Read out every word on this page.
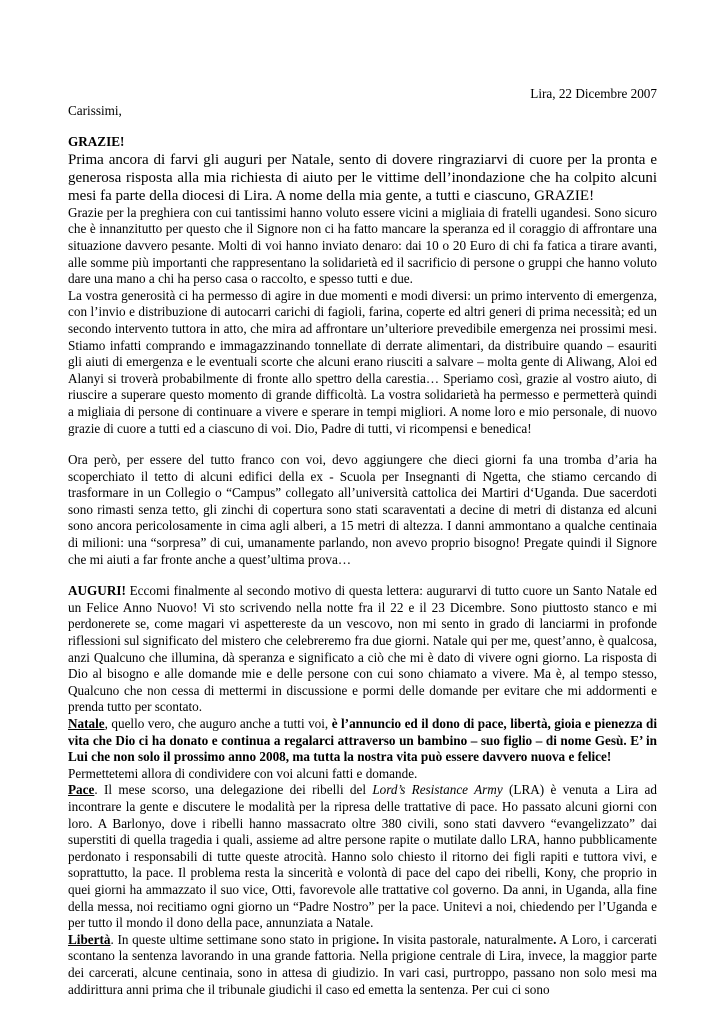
Lira, 22 Dicembre 2007

Carissimi,

GRAZIE!

Prima ancora di farvi gli auguri per Natale, sento di dovere ringraziarvi di cuore per la pronta e generosa risposta alla mia richiesta di aiuto per le vittime dell’inondazione che ha colpito alcuni mesi fa parte della diocesi di Lira. A nome della mia gente, a tutti e ciascuno, GRAZIE!

Grazie per la preghiera con cui tantissimi hanno voluto essere vicini a migliaia di fratelli ugandesi. Sono sicuro che è innanzitutto per questo che il Signore non ci ha fatto mancare la speranza ed il coraggio di affrontare una situazione davvero pesante. Molti di voi hanno inviato denaro: dai 10 o 20 Euro di chi fa fatica a tirare avanti, alle somme più importanti che rappresentano la solidarietà ed il sacrificio di persone o gruppi che hanno voluto dare una mano a chi ha perso casa o raccolto, e spesso tutti e due.

La vostra generosità ci ha permesso di agire in due momenti e modi diversi: un primo intervento di emergenza, con l’invio e distribuzione di autocarri carichi di fagioli, farina, coperte ed altri generi di prima necessità; ed un secondo intervento tuttora in atto, che mira ad affrontare un’ulteriore prevedibile emergenza nei prossimi mesi. Stiamo infatti comprando e immagazzinando tonnellate di derrate alimentari, da distribuire quando – esauriti gli aiuti di emergenza e le eventuali scorte che alcuni erano riusciti a salvare – molta gente di Aliwang, Aloi ed Alanyi si troverà probabilmente di fronte allo spettro della carestia… Speriamo così, grazie al vostro aiuto, di riuscire a superare questo momento di grande difficoltà. La vostra solidarietà ha permesso e permetterà quindi a migliaia di persone di continuare a vivere e sperare in tempi migliori. A nome loro e mio personale, di nuovo grazie di cuore a tutti ed a ciascuno di voi. Dio, Padre di tutti, vi ricompensi e benedica!

Ora però, per essere del tutto franco con voi, devo aggiungere che dieci giorni fa una tromba d’aria ha scoperchiato il tetto di alcuni edifici della ex - Scuola per Insegnanti di Ngetta, che stiamo cercando di trasformare in un Collegio o “Campus” collegato all’università cattolica dei Martiri d‘Uganda. Due sacerdoti sono rimasti senza tetto, gli zinchi di copertura sono stati scaraventati a decine di metri di distanza ed alcuni sono ancora pericolosamente in cima agli alberi, a 15 metri di altezza. I danni ammontano a qualche centinaia di milioni: una “sorpresa” di cui, umanamente parlando, non avevo proprio bisogno! Pregate quindi il Signore che mi aiuti a far fronte anche a quest’ultima prova…

AUGURI! Eccomi finalmente al secondo motivo di questa lettera: augurarvi di tutto cuore un Santo Natale ed un Felice Anno Nuovo! Vi sto scrivendo nella notte fra il 22 e il 23 Dicembre. Sono piuttosto stanco e mi perdonerete se, come magari vi aspettereste da un vescovo, non mi sento in grado di lanciarmi in profonde riflessioni sul significato del mistero che celebreremo fra due giorni. Natale qui per me, quest’anno, è qualcosa, anzi Qualcuno che illumina, dà speranza e significato a ciò che mi è dato di vivere ogni giorno. La risposta di Dio al bisogno e alle domande mie e delle persone con cui sono chiamato a vivere. Ma è, al tempo stesso, Qualcuno che non cessa di mettermi in discussione e pormi delle domande per evitare che mi addormenti e prenda tutto per scontato.

Natale, quello vero, che auguro anche a tutti voi, è l’annuncio ed il dono di pace, libertà, gioia e pienezza di vita che Dio ci ha donato e continua a regalarci attraverso un bambino – suo figlio – di nome Gesù. E’ in Lui che non solo il prossimo anno 2008, ma tutta la nostra vita può essere davvero nuova e felice!

Permettetemi allora di condividere con voi alcuni fatti e domande.

Pace. Il mese scorso, una delegazione dei ribelli del Lord’s Resistance Army (LRA) è venuta a Lira ad incontrare la gente e discutere le modalità per la ripresa delle trattative di pace. Ho passato alcuni giorni con loro. A Barlonyo, dove i ribelli hanno massacrato oltre 380 civili, sono stati davvero “evangelizzato” dai superstiti di quella tragedia i quali, assieme ad altre persone rapite o mutilate dallo LRA, hanno pubblicamente perdonato i responsabili di tutte queste atrocità. Hanno solo chiesto il ritorno dei figli rapiti e tuttora vivi, e soprattutto, la pace. Il problema resta la sincerità e volontà di pace del capo dei ribelli, Kony, che proprio in quei giorni ha ammazzato il suo vice, Otti, favorevole alle trattative col governo. Da anni, in Uganda, alla fine della messa, noi recitiamo ogni giorno un “Padre Nostro” per la pace. Unitevi a noi, chiedendo per l’Uganda e per tutto il mondo il dono della pace, annunziata a Natale.

Libertà. In queste ultime settimane sono stato in prigione. In visita pastorale, naturalmente. A Loro, i carcerati scontano la sentenza lavorando in una grande fattoria. Nella prigione centrale di Lira, invece, la maggior parte dei carcerati, alcune centinaia, sono in attesa di giudizio. In vari casi, purtroppo, passano non solo mesi ma addirittura anni prima che il tribunale giudichi il caso ed emetta la sentenza. Per cui ci sono
